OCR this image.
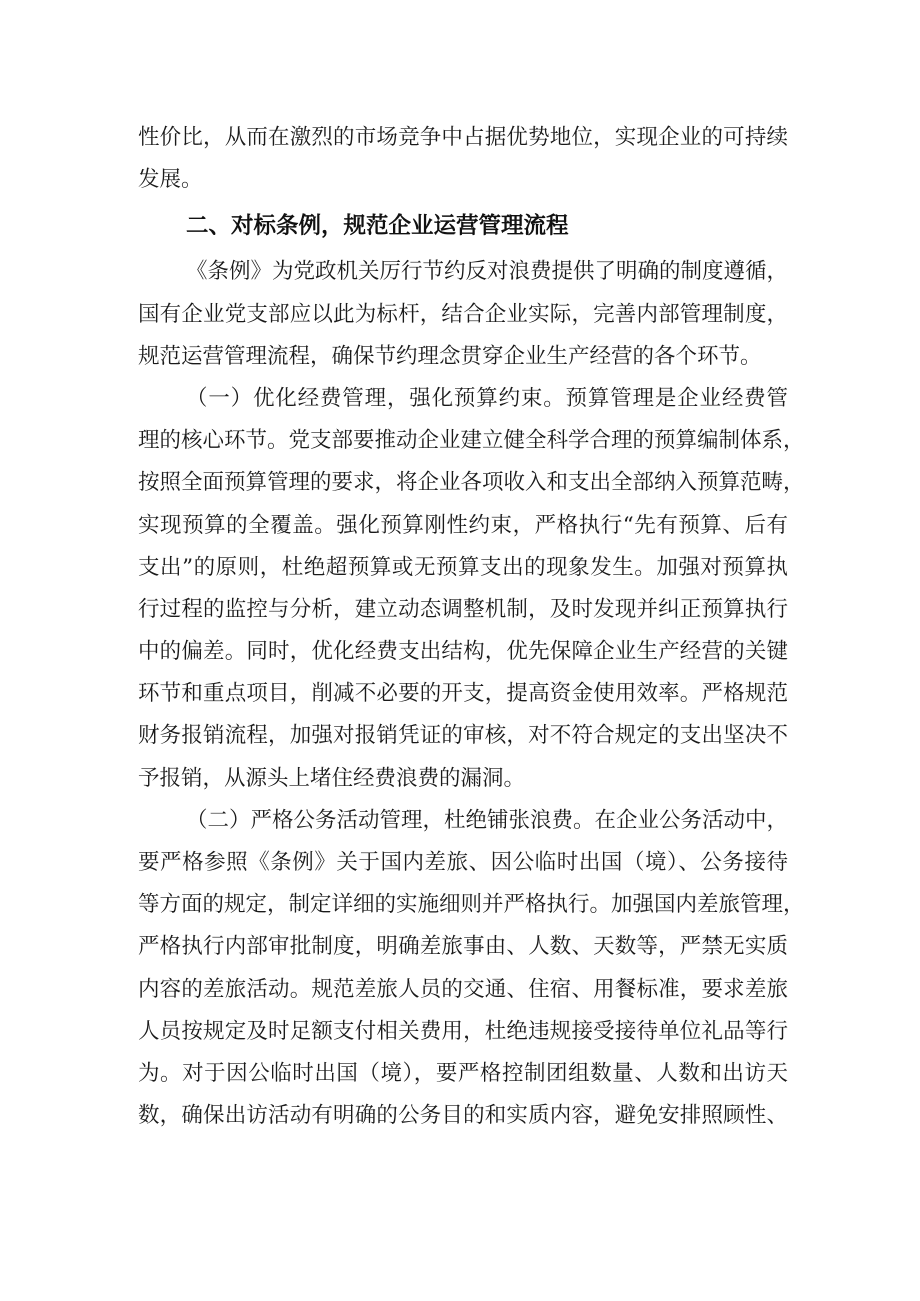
性价比，从而在激烈的市场竞争中占据优势地位，实现企业的可持续
发展。
二、对标条例，规范企业运营管理流程
《条例》为党政机关厉行节约反对浪费提供了明确的制度遵循，
国有企业党支部应以此为标杆，结合企业实际，完善内部管理制度，
规范运营管理流程，确保节约理念贯穿企业生产经营的各个环节。
（一）优化经费管理，强化预算约束。预算管理是企业经费管
理的核心环节。党支部要推动企业建立健全科学合理的预算编制体系，
按照全面预算管理的要求，将企业各项收入和支出全部纳入预算范畴，
实现预算的全覆盖。强化预算刚性约束，严格执行“先有预算、后有
支出”的原则，杜绝超预算或无预算支出的现象发生。加强对预算执
行过程的监控与分析，建立动态调整机制，及时发现并纠正预算执行
中的偏差。同时，优化经费支出结构，优先保障企业生产经营的关键
环节和重点项目，削减不必要的开支，提高资金使用效率。严格规范
财务报销流程，加强对报销凭证的审核，对不符合规定的支出坚决不
予报销，从源头上堵住经费浪费的漏洞。
（二）严格公务活动管理，杜绝铺张浪费。在企业公务活动中，
要严格参照《条例》关于国内差旅、因公临时出国（境）、公务接待
等方面的规定，制定详细的实施细则并严格执行。加强国内差旅管理，
严格执行内部审批制度，明确差旅事由、人数、天数等，严禁无实质
内容的差旅活动。规范差旅人员的交通、住宿、用餐标准，要求差旅
人员按规定及时足额支付相关费用，杜绝违规接受接待单位礼品等行
为。对于因公临时出国（境），要严格控制团组数量、人数和出访天
数，确保出访活动有明确的公务目的和实质内容，避免安排照顾性、
